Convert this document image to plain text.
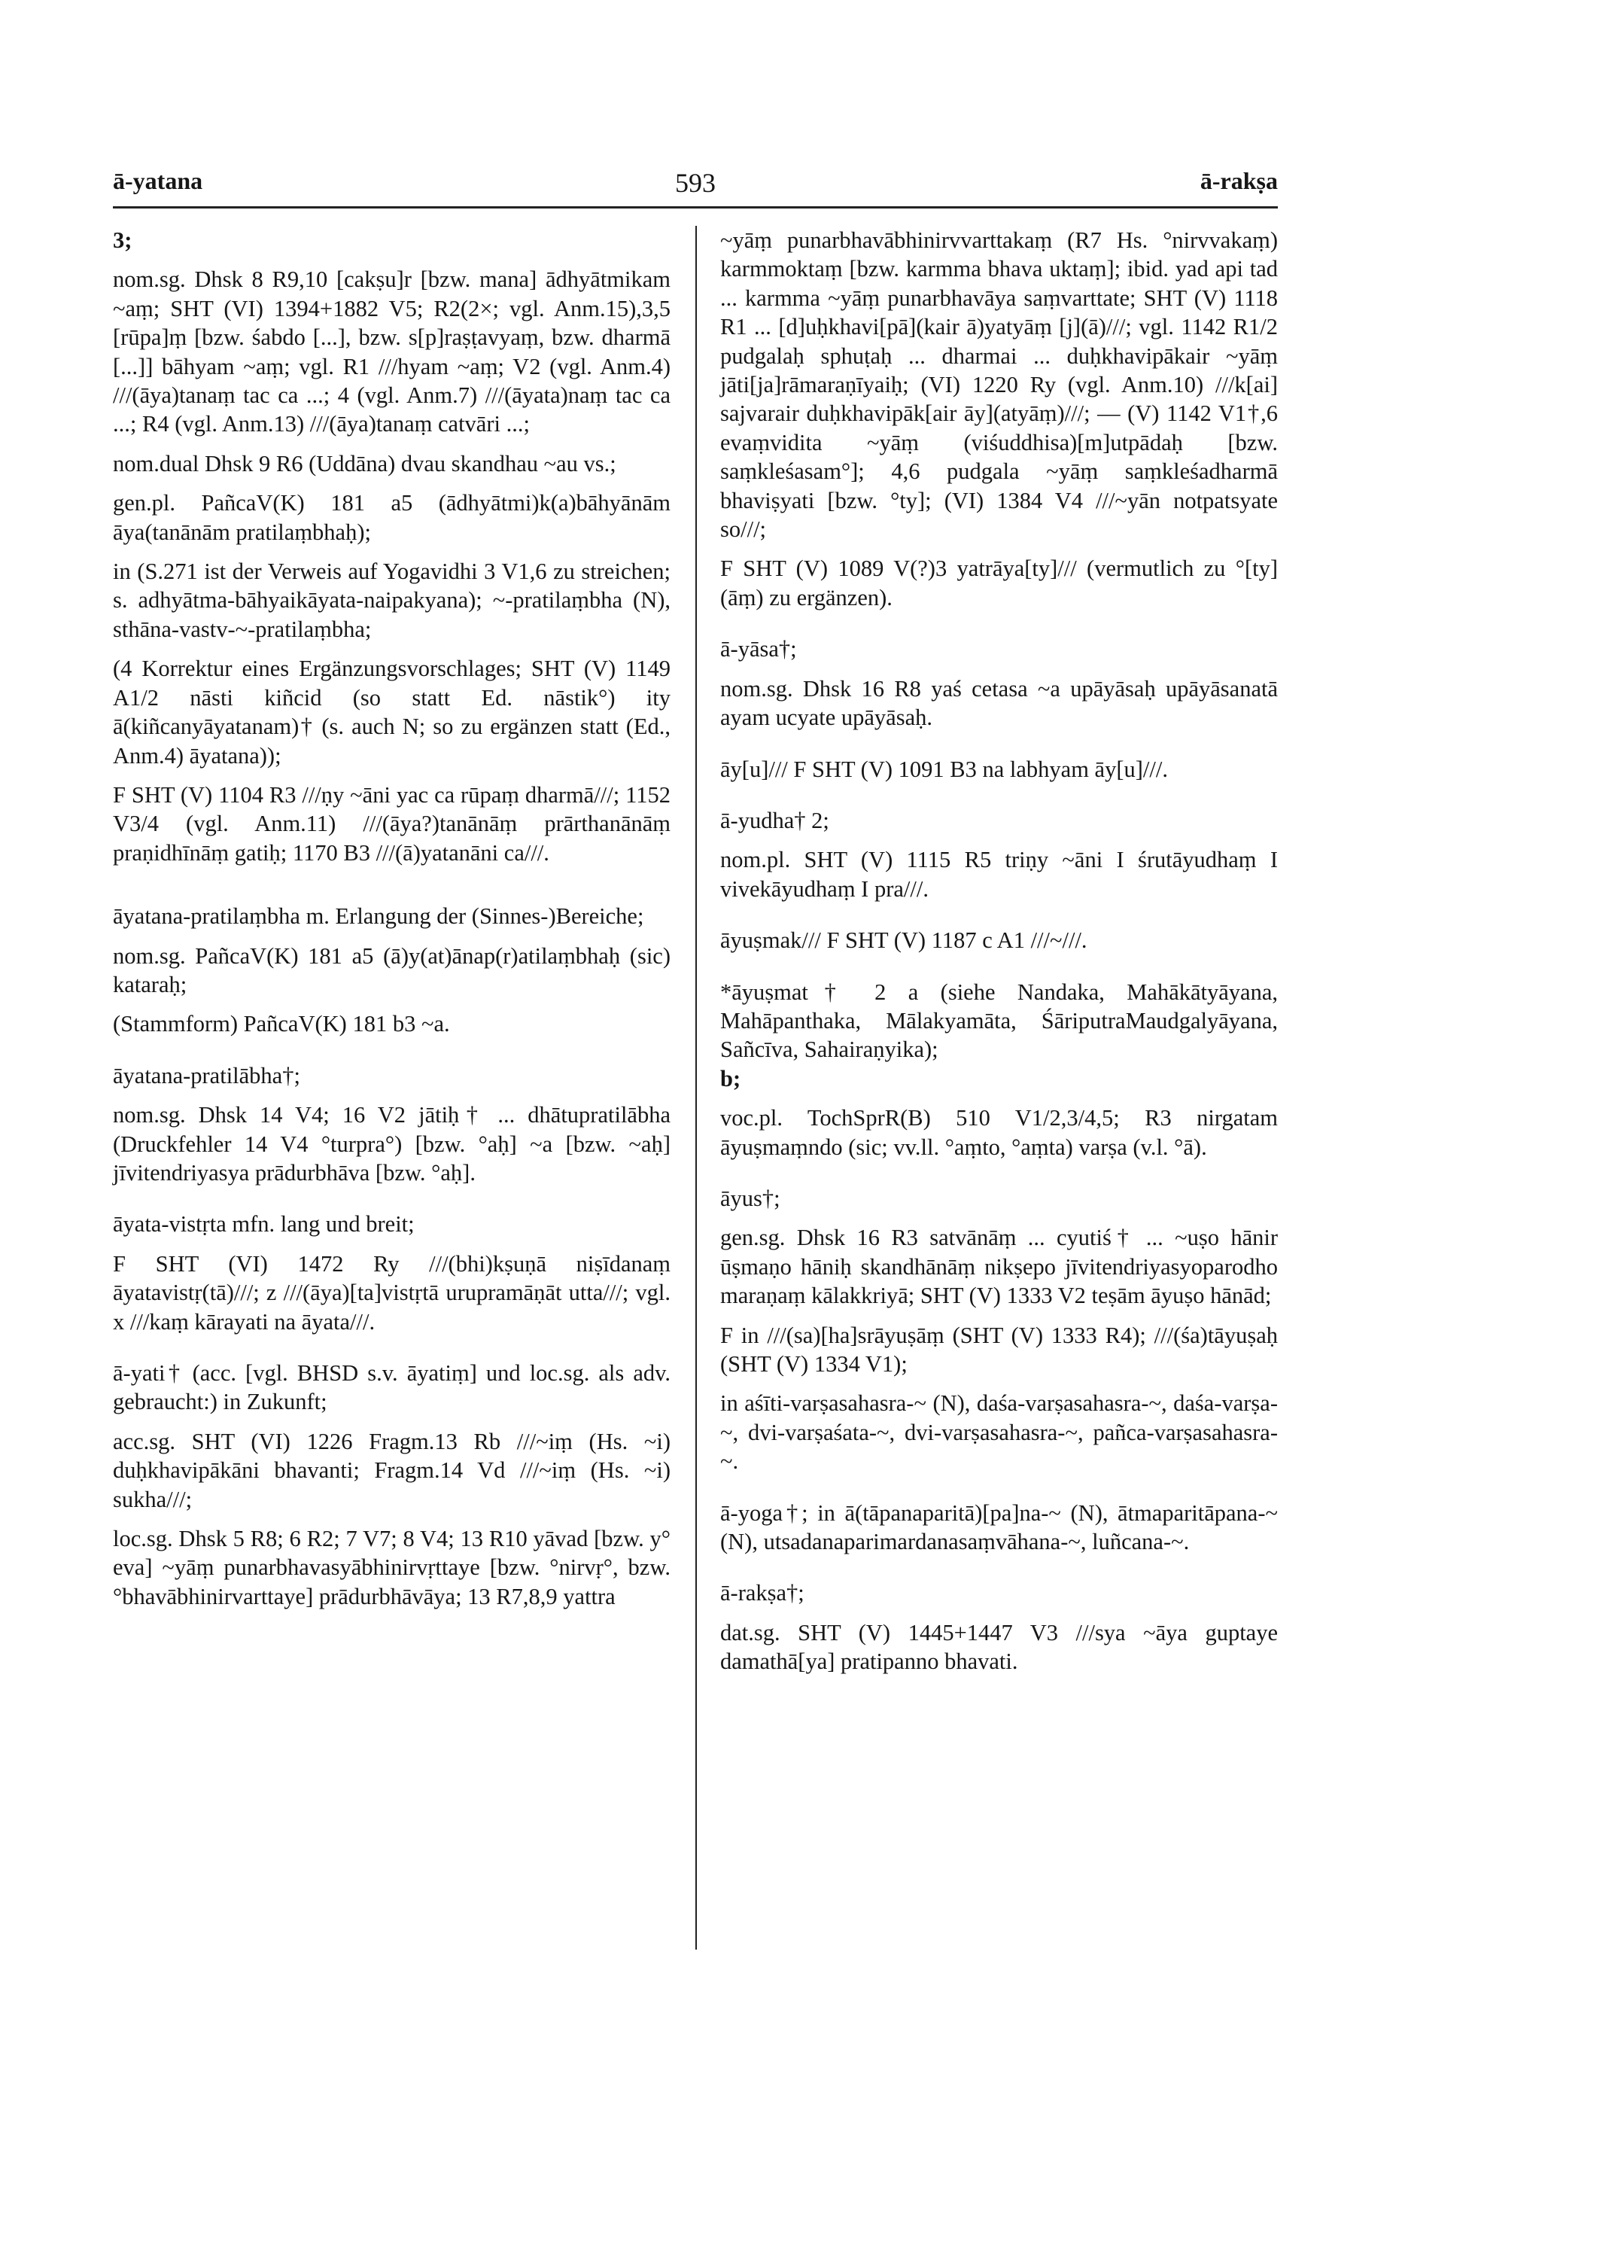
ā-yatana	593	ā-rakṣa

3;

nom.sg. Dhsk 8 R9,10 [cakṣu]r [bzw. mana] ādhyātmikam ~aṃ; SHT (VI) 1394+1882 V5; R2(2×; vgl. Anm.15),3,5 [rūpa]ṃ [bzw. śabdo [...], bzw. s[p]raṣṭavyaṃ, bzw. dharmā [...]] bāhyam ~aṃ; vgl. R1 ///hyam ~aṃ; V2 (vgl. Anm.4) ///(āya)tanaṃ tac ca ...; 4 (vgl. Anm.7) ///(āyata)naṃ tac ca ...; R4 (vgl. Anm.13) ///(āya)tanaṃ catvāri ...;

nom.dual Dhsk 9 R6 (Uddāna) dvau skandhau ~au vs.;

gen.pl. PañcaV(K) 181 a5 (ādhyātmi)k(a)bāhyānām āya(tanānām pratilaṃbhaḥ);

in (S.271 ist der Verweis auf Yogavidhi 3 V1,6 zu streichen; s. adhyātma-bāhyaikāyata-naipakyana); ~-pratilaṃbha (N), sthāna-vastv-~-pratilaṃbha;

(4 Korrektur eines Ergänzungsvorschlages; SHT (V) 1149 A1/2 nāsti kiñcid (so statt Ed. nāstik°) ity ā(kiñcanyāyatanam)† (s. auch N; so zu ergänzen statt (Ed., Anm.4) āyatana));

F SHT (V) 1104 R3 ///ṇy ~āni yac ca rūpaṃ dharmā///; 1152 V3/4 (vgl. Anm.11) ///(āya?)tanānāṃ prārthanānāṃ praṇidhīnāṃ gatiḥ; 1170 B3 ///(ā)yatanāni ca///.

āyatana-pratilaṃbha m. Erlangung der (Sinnes-)Bereiche;

nom.sg. PañcaV(K) 181 a5 (ā)y(at)ānap(r)atilaṃbhaḥ (sic) kataraḥ;

(Stammform) PañcaV(K) 181 b3 ~a.

āyatana-pratilābha†;

nom.sg. Dhsk 14 V4; 16 V2 jātiḥ† ... dhātupratilābha (Druckfehler 14 V4 °turpra°) [bzw. °aḥ] ~a [bzw. ~aḥ] jīvitendriyasya prādurbhāva [bzw. °aḥ].

āyata-vistṛta mfn. lang und breit;

F SHT (VI) 1472 Ry ///(bhi)kṣuṇā niṣīdanaṃ āyatavistṛ(tā)///; z ///(āya)[ta]vistṛtā urupramāṇāt utta///; vgl. x ///kaṃ kārayati na āyata///.

ā-yati† (acc. [vgl. BHSD s.v. āyatiṃ] und loc.sg. als adv. gebraucht:) in Zukunft;

acc.sg. SHT (VI) 1226 Fragm.13 Rb ///~iṃ (Hs. ~i) duḥkhavipākāni bhavanti; Fragm.14 Vd ///~iṃ (Hs. ~i) sukha///;

loc.sg. Dhsk 5 R8; 6 R2; 7 V7; 8 V4; 13 R10 yāvad [bzw. y° eva] ~yāṃ punarbhavasyābhinirvṛttaye [bzw. °nirvṛ°, bzw. °bhavābhinirvarttaye] prādurbhāvāya; 13 R7,8,9 yattra

~yāṃ punarbhavābhinirvvarttakaṃ (R7 Hs. °nirvvakaṃ) karmmoktaṃ [bzw. karmma bhava uktaṃ]; ibid. yad api tad ... karmma ~yāṃ punarbhavāya saṃvarttate; SHT (V) 1118 R1 ... [d]uḥkhavi[pā](kair ā)yatyāṃ [j](ā)///; vgl. 1142 R1/2 pudgalaḥ sphuṭaḥ ... dharmai ... duḥkhavipākair ~yāṃ jāti[ja]rāmaraṇīyaiḥ; (VI) 1220 Ry (vgl. Anm.10) ///k[ai] sajvarair duḥkhavipāk[air āy](atyāṃ)///; — (V) 1142 V1†,6 evaṃvidita ~yāṃ (viśuddhisa)[m]utpādaḥ [bzw. saṃkleśasam°]; 4,6 pudgala ~yāṃ saṃkleśadharmā bhaviṣyati [bzw. °ty]; (VI) 1384 V4 ///~yān notpatsyate so///;

F SHT (V) 1089 V(?)3 yatrāya[ty]/// (vermutlich zu °[ty](āṃ) zu ergänzen).

ā-yāsa†;

nom.sg. Dhsk 16 R8 yaś cetasa ~a upāyāsaḥ upāyāsanatā ayam ucyate upāyāsaḥ.

āy[u]/// F SHT (V) 1091 B3 na labhyam āy[u]///.

ā-yudha† 2;

nom.pl. SHT (V) 1115 R5 triṇy ~āni I śrutāyudhaṃ I vivekāyudhaṃ I pra///.

āyuṣmak/// F SHT (V) 1187 c A1 ///~///.

*āyuṣmat† 2 a (siehe Nandaka, Mahākātyāyana, Mahāpanthaka, Mālakyamāta, ŚāriputraMaudgalyāyana, Sañcīva, Sahairaṇyika);

b;

voc.pl. TochSprR(B) 510 V1/2,3/4,5; R3 nirgatam āyuṣmaṃndo (sic; vv.ll. °aṃto, °aṃta) varṣa (v.l. °ā).

āyus†;

gen.sg. Dhsk 16 R3 satvānāṃ ... cyutiś† ... ~uṣo hānir ūṣmaṇo hāniḥ skandhānāṃ nikṣepo jīvitendriyasyoparodho maraṇaṃ kālakkriyā; SHT (V) 1333 V2 teṣām āyuṣo hānād;

F in ///(sa)[ha]srāyuṣāṃ (SHT (V) 1333 R4); ///(śa)tāyuṣaḥ (SHT (V) 1334 V1);

in aśīti-varṣasahasra-~ (N), daśa-varṣasahasra-~, daśa-varṣa-~, dvi-varṣaśata-~, dvi-varṣasahasra-~, pañca-varṣasahasra-~.

ā-yoga†; in ā(tāpanaparitā)[pa]na-~ (N), ātmaparitāpana-~ (N), utsadanaparimardanasaṃvāhana-~, luñcana-~.

ā-rakṣa†;

dat.sg. SHT (V) 1445+1447 V3 ///sya ~āya guptaye damathā[ya] pratipanno bhavati.
